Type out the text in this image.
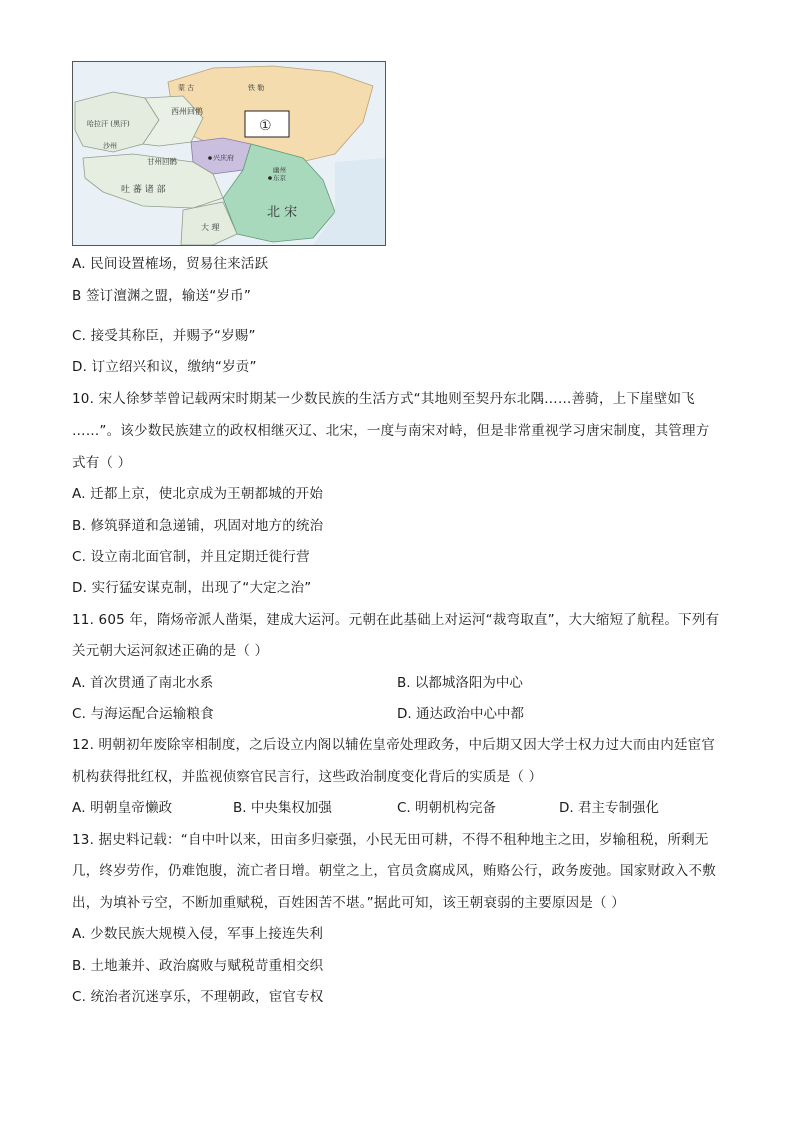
①
西州回鹘
甘州回鹘
吐 蕃 诸 部
大 理
北 宋
兴庆府
东京
幽州
沙州
蒙 古	铁 勒
哈拉汗 (黑汗)
A. 民间设置榷场，贸易往来活跃
B 签订澶渊之盟，输送“岁币”
C. 接受其称臣，并赐予“岁赐”
D. 订立绍兴和议，缴纳“岁贡”
10. 宋人徐梦莘曾记载两宋时期某一少数民族的生活方式“其地则至契丹东北隅……善骑，上下崖壁如飞
……”。该少数民族建立的政权相继灭辽、北宋，一度与南宋对峙，但是非常重视学习唐宋制度，其管理方
式有（ ）
A. 迁都上京，使北京成为王朝都城的开始
B. 修筑驿道和急递铺，巩固对地方的统治
C. 设立南北面官制，并且定期迁徙行营
D. 实行猛安谋克制，出现了“大定之治”
11. 605 年，隋炀帝派人凿渠，建成大运河。元朝在此基础上对运河“裁弯取直”，大大缩短了航程。下列有
关元朝大运河叙述正确的是（ ）
A. 首次贯通了南北水系	B. 以都城洛阳为中心
C. 与海运配合运输粮食	D. 通达政治中心中都
12. 明朝初年废除宰相制度，之后设立内阁以辅佐皇帝处理政务，中后期又因大学士权力过大而由内廷宦官
机构获得批红权，并监视侦察官民言行，这些政治制度变化背后的实质是（ ）
A. 明朝皇帝懒政	B. 中央集权加强	C. 明朝机构完备	D. 君主专制强化
13. 据史料记载：“自中叶以来，田亩多归豪强，小民无田可耕，不得不租种地主之田，岁输租税，所剩无
几，终岁劳作，仍难饱腹，流亡者日增。朝堂之上，官员贪腐成风，贿赂公行，政务废弛。国家财政入不敷
出，为填补亏空，不断加重赋税，百姓困苦不堪。”据此可知，该王朝衰弱的主要原因是（ ）
A. 少数民族大规模入侵，军事上接连失利
B. 土地兼并、政治腐败与赋税苛重相交织
C. 统治者沉迷享乐，不理朝政，宦官专权
